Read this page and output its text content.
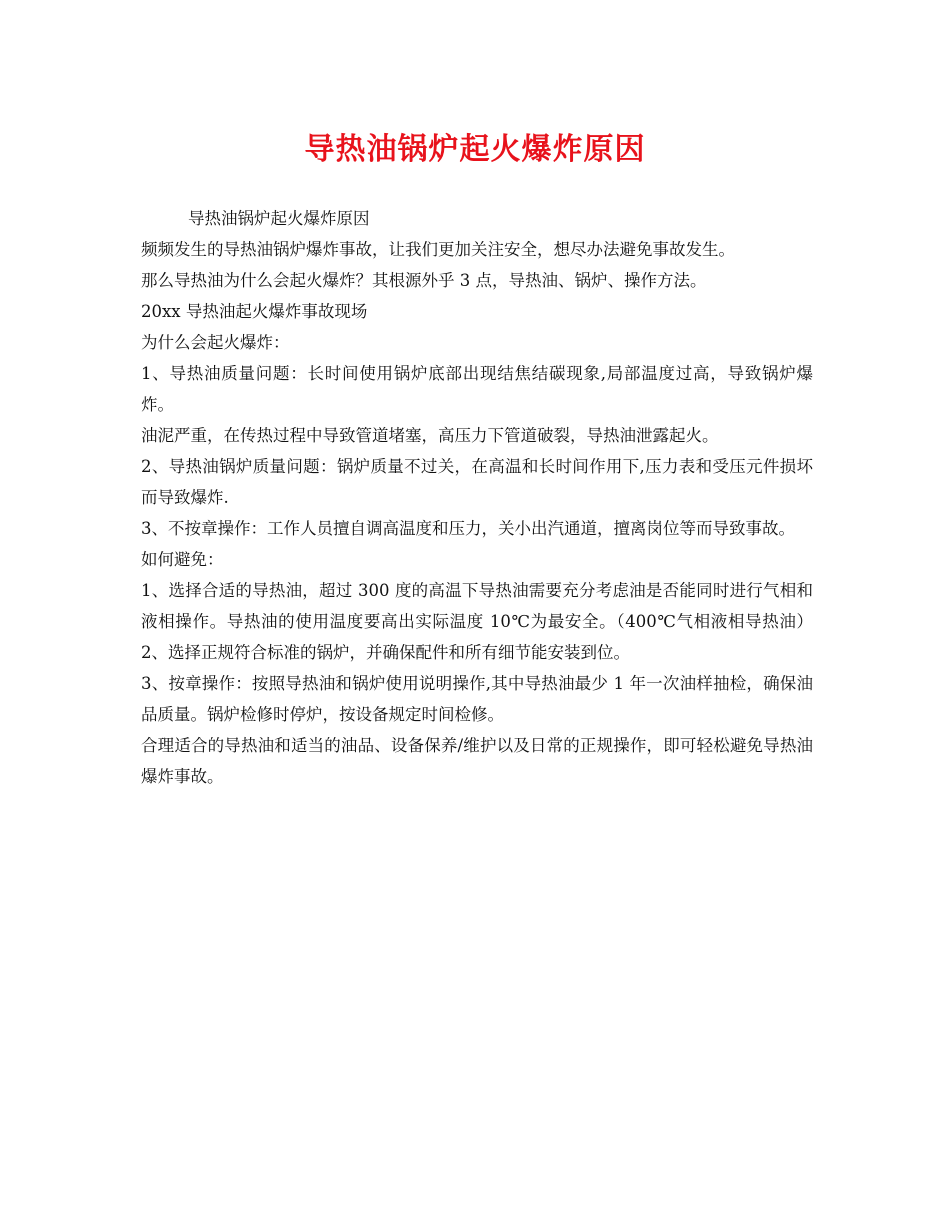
导热油锅炉起火爆炸原因

导热油锅炉起火爆炸原因

频频发生的导热油锅炉爆炸事故，让我们更加关注安全，想尽办法避免事故发生。

那么导热油为什么会起火爆炸？其根源外乎 3 点，导热油、锅炉、操作方法。

20xx 导热油起火爆炸事故现场

为什么会起火爆炸：

1、导热油质量问题：长时间使用锅炉底部出现结焦结碳现象,局部温度过高，导致锅炉爆炸。

油泥严重，在传热过程中导致管道堵塞，高压力下管道破裂，导热油泄露起火。

2、导热油锅炉质量问题：锅炉质量不过关，在高温和长时间作用下,压力表和受压元件损坏而导致爆炸.

3、不按章操作：工作人员擅自调高温度和压力，关小出汽通道，擅离岗位等而导致事故。

如何避免：

1、选择合适的导热油，超过 300 度的高温下导热油需要充分考虑油是否能同时进行气相和液相操作。导热油的使用温度要高出实际温度 10℃为最安全。（400℃气相液相导热油）2、选择正规符合标准的锅炉，并确保配件和所有细节能安装到位。

3、按章操作：按照导热油和锅炉使用说明操作,其中导热油最少 1 年一次油样抽检，确保油品质量。锅炉检修时停炉，按设备规定时间检修。

合理适合的导热油和适当的油品、设备保养/维护以及日常的正规操作，即可轻松避免导热油爆炸事故。
